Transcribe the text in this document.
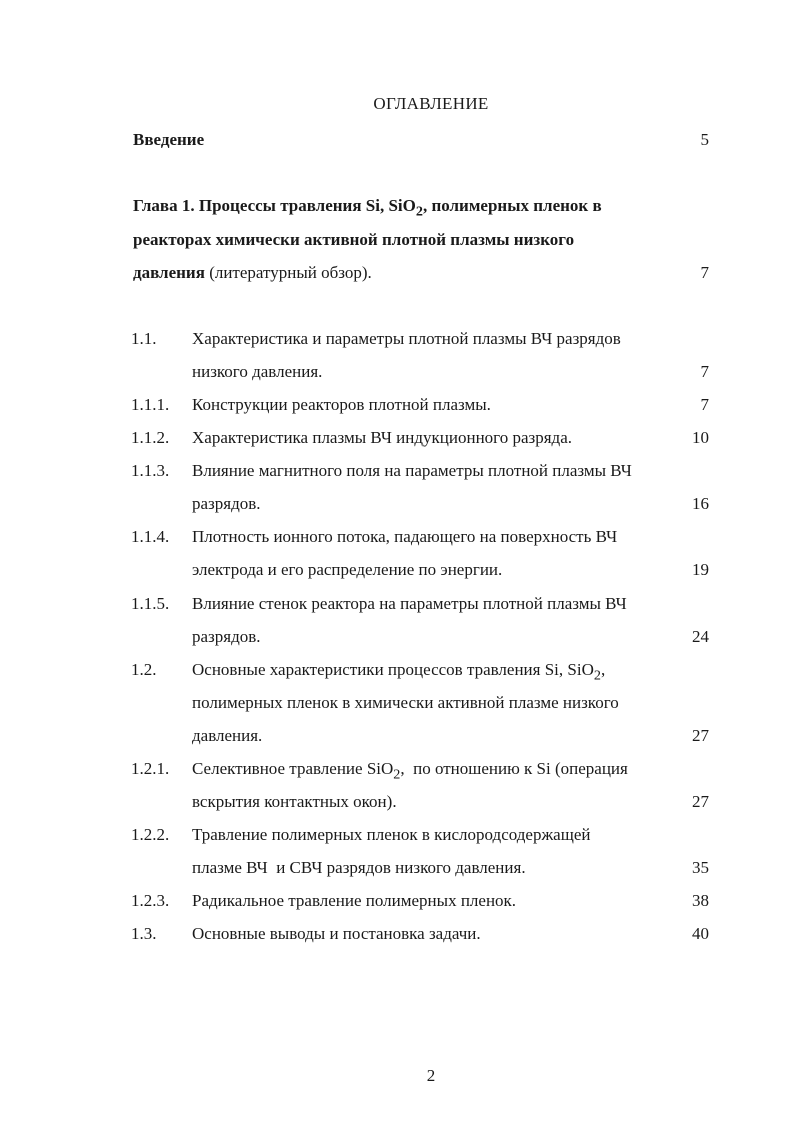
ОГЛАВЛЕНИЕ
Введение	5
Глава 1. Процессы травления Si, SiO$_2$, полимерных пленок в
реакторах химически активной плотной плазмы низкого
давления (литературный обзор).	7
1.1. Характеристика и параметры плотной плазмы ВЧ разрядов
низкого давления.	7
1.1.1. Конструкции реакторов плотной плазмы.	7
1.1.2. Характеристика плазмы ВЧ индукционного разряда.	10
1.1.3. Влияние магнитного поля на параметры плотной плазмы ВЧ
разрядов.	16
1.1.4. Плотность ионного потока, падающего на поверхность ВЧ
электрода и его распределение по энергии.	19
1.1.5. Влияние стенок реактора на параметры плотной плазмы ВЧ
разрядов.	24
1.2. Основные характеристики процессов травления Si, SiO$_2$,
полимерных пленок в химически активной плазме низкого
давления.	27
1.2.1. Селективное травление SiO$_2$,  по отношению к Si (операция
вскрытия контактных окон).	27
1.2.2. Травление полимерных пленок в кислородсодержащей
плазме ВЧ  и СВЧ разрядов низкого давления.	35
1.2.3. Радикальное травление полимерных пленок.	38
1.3. Основные выводы и постановка задачи.	40
2
